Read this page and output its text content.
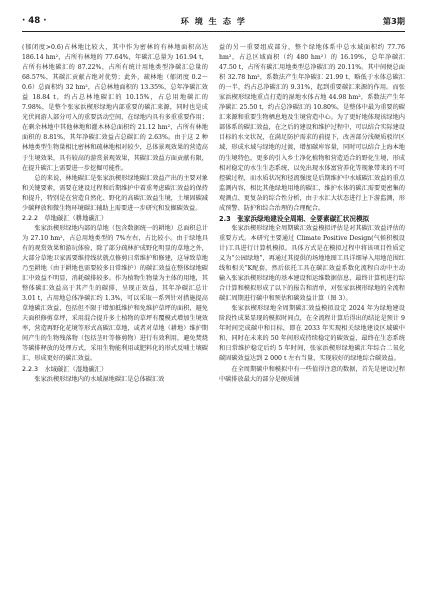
· 48 ·	环 境 生 态 学	第3期

(郁闭度>0.6)占林地比较大，其中作为密林的有林地面积高达 186.14 hm²，占所有林地的 77.64%，年碳汇总量为 161.94 t，占所有林地碳汇的 87.22%，占所有统计用地类型净碳汇总量的 68.57%，其碳汇贡献占绝对优势；此外，疏林地（郁闭度 0.2～0.6）总面积约 32 hm²，占总林地面积的 13.35%，总年净碳汇效益 18.84 t，约占总林地碳汇的 10.15%，占总用地碳汇的 7.98%，是整个张家浜楔形绿地内部重要的碳汇来源，同时也是成光伏间游人部分可入的重要活动空间，在绿地内具有多重重要作用；在剩余林地中其他林地和灌木林总面积约 21.12 hm²，占所有林地面积的 8.81%，其年净碳汇效益占总碳汇的 2.63%。由于这 2 种林地类型生物量相比密林和疏林地相对较少，总体景观效果的营造高于生境效果，具有较高的游赏景观效果，其碳汇效益方面贡献有限，在提升碳汇上需要进一步挖掘可能性。

总的来说，林地碳汇是张家浜楔形绿地碳汇效益产出的主要对象和关键要素，需要在建设过程和后期维护中着重考虑碳汇效益的保持和提升，特别是在营造自然化、野化的高碳汇效益生境，土壤固碳减少碳释放和微生物环境碳汇辅助上需要进一步研究和发掘碳效益。

2.2.2　草地碳汇（耕地碳汇）

张家浜楔形绿地内部的草地（包含数据统一的耕地）总面积总计为 27.10 hm²，占总用地类型的 7%左右，占比较小。由于绿地具有的观赏效果和游玩体验，除了部分疏林护成野化明显的草地之外，大部分草地卫家需要维持线状就点修剪日常维护和修建，这导致草地乃至耕地（由于耕地也需要较多日常维护）的碳汇效益在整体绿地碳汇中效益不明显，消耗碳排较多。作为植物生物量为主体的用地，其整体碳汇效益高于其产生的碳排，呈现正效益，其年净碳汇总计 3.01 t，占用地总体净碳汇约 1.3%，可以采取一系列针对措施提高草地碳汇效益，包括但不限于增加抵维护和免维护草坪的面积，避免夫面积修剪草坪，采用混合提升多土植物的草坪有覆模式增加生境效率，营造再野化花境等形式高碳汇草地，或者对草地（耕地）维护期间产生的生物残落物（包括茎叶等修剪物）进行有效利用，避免焚烧等碳排释放的处理方式，采用生物能利用或肥料化的形式反哺土壤碳汇，形成更好的碳汇效益。

2.2.3　水域碳汇（湿地碳汇）

张家浜楔形绿地内的水域湿地碳汇是总体碳汇效

益的另一重要组成部分，整个绿地体系中总水域面积约 77.76 hm²，占总区域面积（约 480 hm²）的 16.19%，总年净碳汇 47.50 t，占所有碳汇用地类型总净碳汇的 20.11%。其中间便总面积 32.78 hm²，系数法产生年净碳汇 21.99 t，略低于水体总碳汇的一半，约占总净碳汇的 9.31%，起到重要碳汇来源的作用。而张家浜楔形绿地重点打造的湿地水体占地 44.98 hm²，系数法产生年净碳汇 25.50 t，约占总净碳汇的 10.80%，是整体中最为重要的碳汇来源和重要生物栖息地及生境营造中心。为了更好地体现该绿地内部体系的碳汇效益，在之后的建设和维护过程中，可以结合实际建设目标的水文状况，在满足防护需求的前提下，改善部分浅硬质驳岸区域，形成水域与绿地的过渡，增加碳库容量，同时可以结合上海本地的生境特色，更多的引入乡土净化植物和营造适合的野化生境，形成相对稳定的水生生态系统，以免出现水体富营养化等现象带来的不可控碳过程，而水质状况和径流强度是后期维护中水域碳汇效益的重点监测内容，相比其他绿地用地的碳汇，维护水体的碳汇需要更密集的观测点、更复杂的综合性分析，由于水汇大状态进行上下游监测，形成预警、防护和综合治理的合理配合。

2.3　张家浜绿地建设全周期、全要素碳汇状况模拟

张家浜楔形绿地全周期碳汇效益模拟评估是对其碳汇效益评估的重要方式。本研究主要通过 Climate Positive Design(气候积极设计)工具进行计算机模拟。具体方式是在模拟过程中将该项目性质定义为“公园绿地”，再通过其提供的场地地图工具详细导入用地范围红线和相关“K配套，然后依托工具在碳汇效益系数化流程自动中主动输入张家浜楔形绿地的基本建设和运维数据信息，最终计算机进行综合计算和模拟形成了以下的报告和清单，对张家浜楔形绿地的全流程碳汇周期进行碳中和预估和碳效益计算（图 3）。

张家浜楔形绿地全周期碳汇效益模拟设定 2024 年为绿地建设阶段性成果显现的模拟时间点，在全流程计算后得出的结论是预计 9 年时间完成碳中和目标，即在 2033 年实现相关绿地建设区域碳中和，同时在未来的 50 年间形成持续稳定的碳效益，最终在生态系统和日常维护稳定后约 5 年时间，张家浜楔形绿地碳汇年综合二氧化碳固碳效益达到 2 000 t 左右当量，实现较好的绿地综合碳效益。

在全周期碳中和模拟中有一些值得注意的数据，首先是建设过程中碳排放最大的部分是硬质铺
